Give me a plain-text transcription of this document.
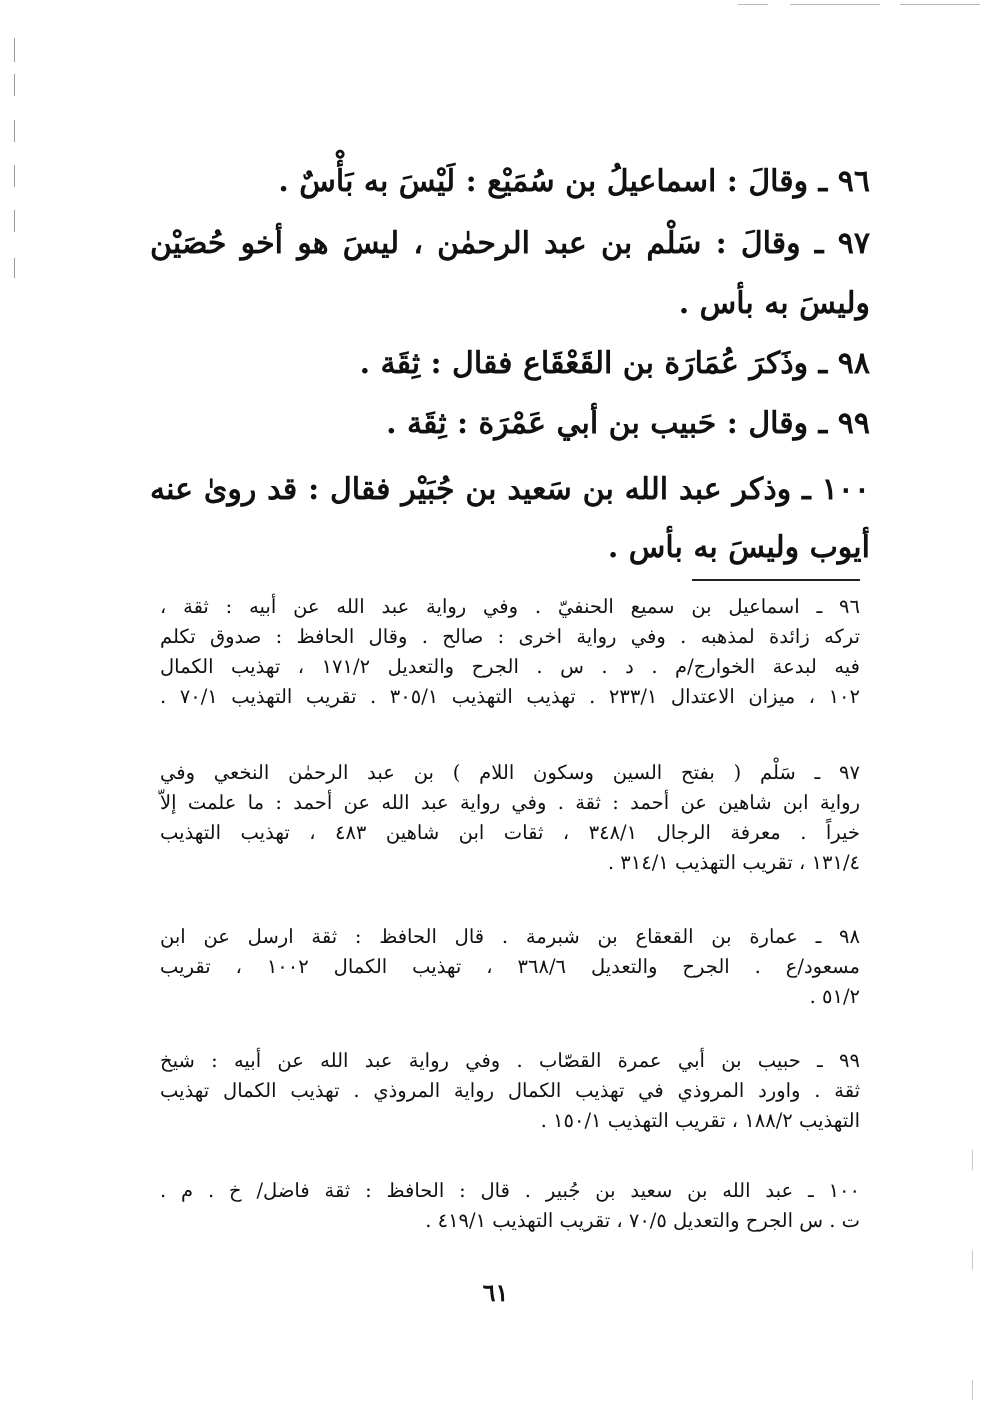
٩٦ ـ وقالَ : اسماعيلُ بن سُمَيْع : لَيْسَ به بَأْسٌ .
٩٧ ـ وقالَ : سَلْم بن عبد الرحمٰن ، ليسَ هو أخو حُصَيْن
وليسَ به بأس .
٩٨ ـ وذَكرَ عُمَارَة بن القَعْقَاع فقال : ثِقَة .
٩٩ ـ وقال : حَبيب بن أبي عَمْرَة : ثِقَة .
١٠٠ ـ وذكر عبد الله بن سَعيد بن جُبَيْر فقال : قد روىٰ عنه
أيوب وليسَ به بأس .
٩٦ ـ اسماعيل بن سميع الحنفيّ . وفي رواية عبد الله عن أبيه : ثقة ،
تركه زائدة لمذهبه . وفي رواية اخرى : صالح . وقال الحافظ : صدوق تكلم
فيه لبدعة الخوارج/م . د . س . الجرح والتعديل ١٧١/٢ ، تهذيب الكمال
١٠٢ ، ميزان الاعتدال ٢٣٣/١ . تهذيب التهذيب ٣٠٥/١ . تقريب التهذيب ٧٠/١ .
٩٧ ـ سَلْم ( بفتح السين وسكون اللام ) بن عبد الرحمٰن النخعي وفي
رواية ابن شاهين عن أحمد : ثقة . وفي رواية عبد الله عن أحمد : ما علمت إلاّ
خيراً . معرفة الرجال ٣٤٨/١ ، ثقات ابن شاهين ٤٨٣ ، تهذيب التهذيب
١٣١/٤ ، تقريب التهذيب ٣١٤/١ .
٩٨ ـ عمارة بن القعقاع بن شبرمة . قال الحافظ : ثقة ارسل عن ابن
مسعود/ع . الجرح والتعديل ٣٦٨/٦ ، تهذيب الكمال ١٠٠٢ ، تقريب
٥١/٢ .
٩٩ ـ حبيب بن أبي عمرة القصّاب . وفي رواية عبد الله عن أبيه : شيخ
ثقة . واورد المروذي في تهذيب الكمال رواية المروذي . تهذيب الكمال تهذيب
التهذيب ١٨٨/٢ ، تقريب التهذيب ١٥٠/١ .
١٠٠ ـ عبد الله بن سعيد بن جُبير . قال : الحافظ : ثقة فاضل/ خ . م .
ت . س الجرح والتعديل ٧٠/٥ ، تقريب التهذيب ٤١٩/١ .
٦١
